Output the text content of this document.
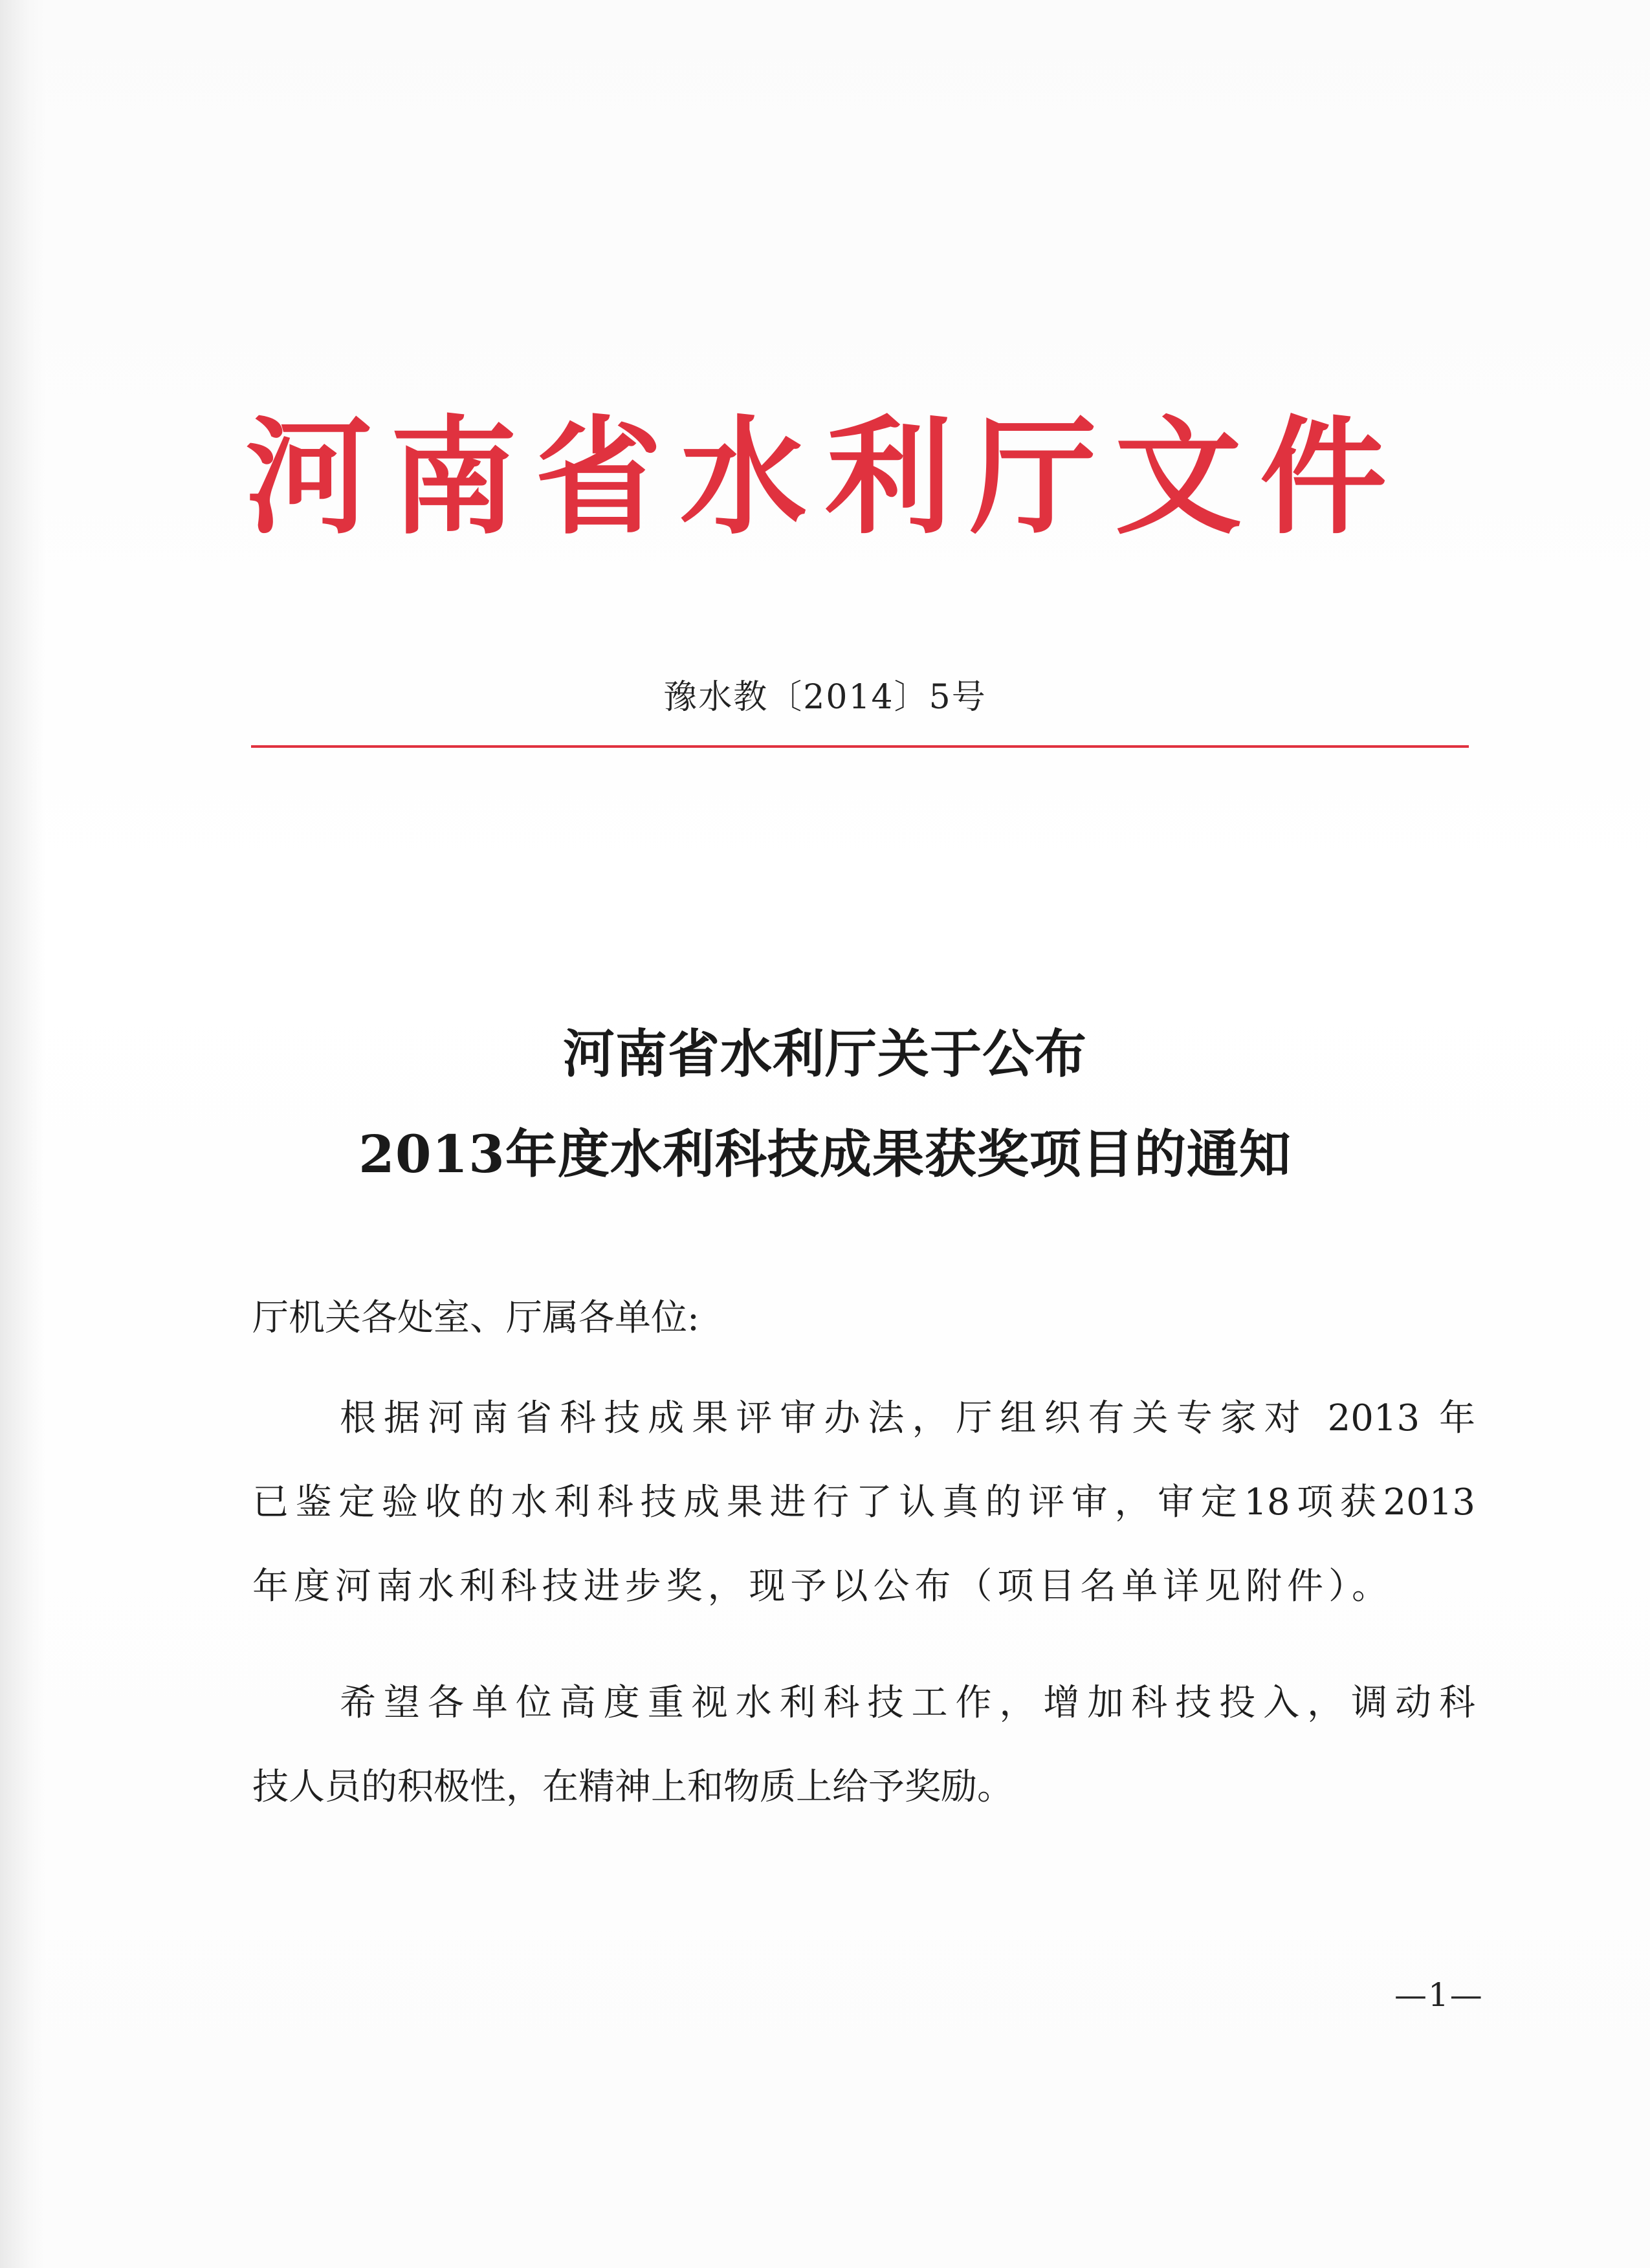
河南省水利厅文件
豫水教〔2014〕5号
河南省水利厅关于公布
2013年度水利科技成果获奖项目的通知
厅机关各处室、厅属各单位:
根据河南省科技成果评审办法，厅组织有关专家对 2013 年
已鉴定验收的水利科技成果进行了认真的评审，审定18项获2013
年度河南水利科技进步奖，现予以公布（项目名单详见附件）。
希望各单位高度重视水利科技工作，增加科技投入，调动科
技人员的积极性，在精神上和物质上给予奖励。
—1—
